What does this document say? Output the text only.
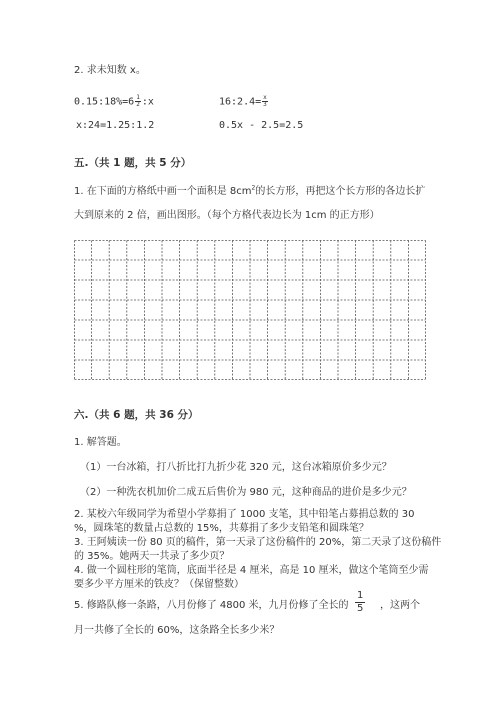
2. 求未知数 x。
0.15:18%=6 $\frac{1}{2}$ :x	16:2.4= $\frac{x}{3}$
x:24=1.25:1.2	0.5x - 2.5=2.5
五.（共 1 题，共 5 分）
1. 在下面的方格纸中画一个面积是 $8cm^2$的长方形，再把这个长方形的各边长扩
大到原来的 2 倍，画出图形。（每个方格代表边长为 1cm 的正方形）
六.（共 6 题，共 36 分）
1. 解答题。
（1）一台冰箱，打八折比打九折少花 320 元，这台冰箱原价多少元？
（2）一种洗衣机加价二成五后售价为 980 元，这种商品的进价是多少元？
2. 某校六年级同学为希望小学募捐了 1000 支笔，其中铅笔占募捐总数的 30
%，圆珠笔的数量占总数的 15%，共募捐了多少支铅笔和圆珠笔？
3. 王阿姨读一份 80 页的稿件，第一天录了这份稿件的 20%，第二天录了这份稿件
的 35%。她两天一共录了多少页？
4. 做一个圆柱形的笔筒，底面半径是 4 厘米，高是 10 厘米，做这个笔筒至少需
要多少平方厘米的铁皮？（保留整数）
5. 修路队修一条路，八月份修了 4800 米，九月份修了全长的 $\frac{1}{5}$ ，这两个
月一共修了全长的 60%，这条路全长多少米？
